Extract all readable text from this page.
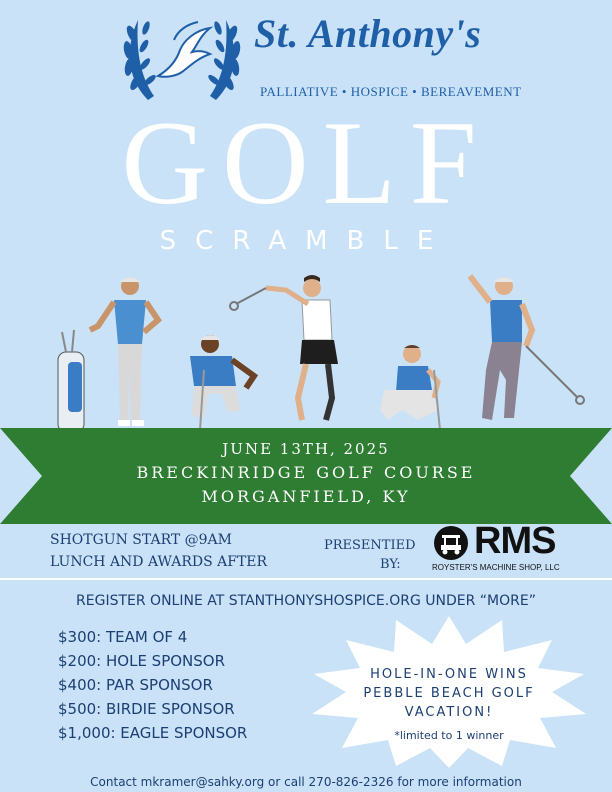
St. Anthony's
PALLIATIVE • HOSPICE • BEREAVEMENT
GOLF
SCRAMBLE
JUNE 13TH, 2025
BRECKINRIDGE GOLF COURSE
MORGANFIELD, KY
SHOTGUN START @9AM
LUNCH AND AWARDS AFTER
PRESENTIED
BY:
RMS
ROYSTER'S MACHINE SHOP, LLC
REGISTER ONLINE AT STANTHONYSHOSPICE.ORG UNDER “MORE”
$300: TEAM OF 4
$200: HOLE SPONSOR
$400: PAR SPONSOR
$500: BIRDIE SPONSOR
$1,000: EAGLE SPONSOR
HOLE-IN-ONE WINS
PEBBLE BEACH GOLF
VACATION!
*limited to 1 winner
Contact mkramer@sahky.org or call 270-826-2326 for more information
